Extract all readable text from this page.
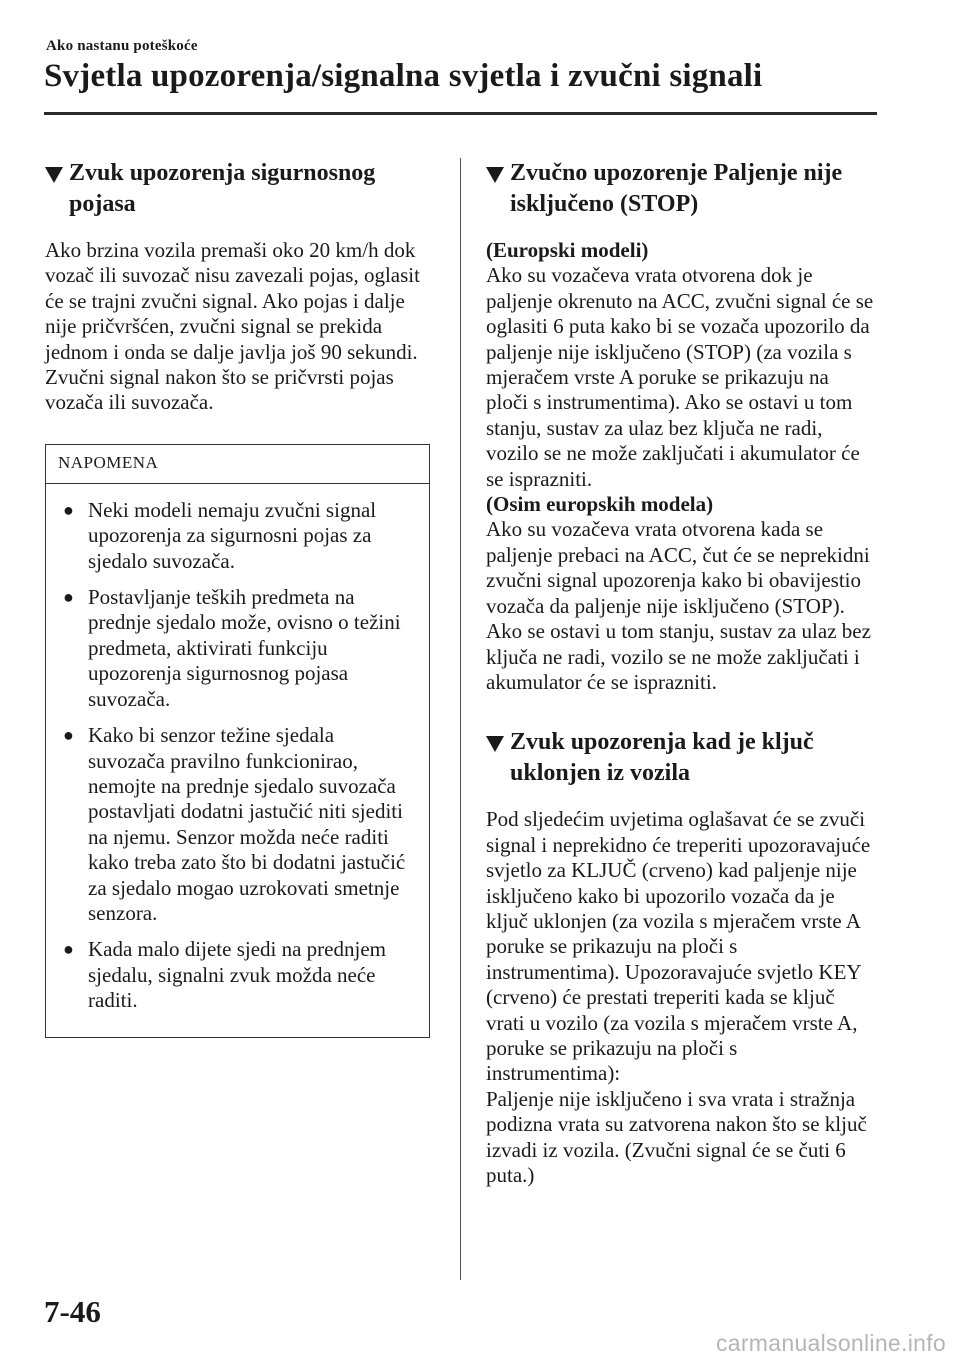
Ako nastanu poteškoće
Svjetla upozorenja/signalna svjetla i zvučni signali
Zvuk upozorenja sigurnosnog pojasa

Ako brzina vozila premaši oko 20 km/h dok vozač ili suvozač nisu zavezali pojas, oglasit će se trajni zvučni signal. Ako pojas i dalje nije pričvršćen, zvučni signal se prekida jednom i onda se dalje javlja još 90 sekundi. Zvučni signal nakon što se pričvrsti pojas vozača ili suvozača.

NAPOMENA
● Neki modeli nemaju zvučni signal upozorenja za sigurnosni pojas za sjedalo suvozača.
● Postavljanje teških predmeta na prednje sjedalo može, ovisno o težini predmeta, aktivirati funkciju upozorenja sigurnosnog pojasa suvozača.
● Kako bi senzor težine sjedala suvozača pravilno funkcionirao, nemojte na prednje sjedalo suvozača postavljati dodatni jastučić niti sjediti na njemu. Senzor možda neće raditi kako treba zato što bi dodatni jastučić za sjedalo mogao uzrokovati smetnje senzora.
● Kada malo dijete sjedi na prednjem sjedalu, signalni zvuk možda neće raditi.
Zvučno upozorenje Paljenje nije isključeno (STOP)

(Europski modeli)
Ako su vozačeva vrata otvorena dok je paljenje okrenuto na ACC, zvučni signal će se oglasiti 6 puta kako bi se vozača upozorilo da paljenje nije isključeno (STOP) (za vozila s mjeračem vrste A poruke se prikazuju na ploči s instrumentima). Ako se ostavi u tom stanju, sustav za ulaz bez ključa ne radi, vozilo se ne može zaključati i akumulator će se isprazniti.
(Osim europskih modela)
Ako su vozačeva vrata otvorena kada se paljenje prebaci na ACC, čut će se neprekidni zvučni signal upozorenja kako bi obavijestio vozača da paljenje nije isključeno (STOP). Ako se ostavi u tom stanju, sustav za ulaz bez ključa ne radi, vozilo se ne može zaključati i akumulator će se isprazniti.

Zvuk upozorenja kad je ključ uklonjen iz vozila

Pod sljedećim uvjetima oglašavat će se zvuči signal i neprekidno će treperiti upozoravajuće svjetlo za KLJUČ (crveno) kad paljenje nije isključeno kako bi upozorilo vozača da je ključ uklonjen (za vozila s mjeračem vrste A poruke se prikazuju na ploči s instrumentima). Upozoravajuće svjetlo KEY (crveno) će prestati treperiti kada se ključ vrati u vozilo (za vozila s mjeračem vrste A, poruke se prikazuju na ploči s instrumentima):
Paljenje nije isključeno i sva vrata i stražnja podizna vrata su zatvorena nakon što se ključ izvadi iz vozila. (Zvučni signal će se čuti 6 puta.)

7-46
carmanualsonline.info
